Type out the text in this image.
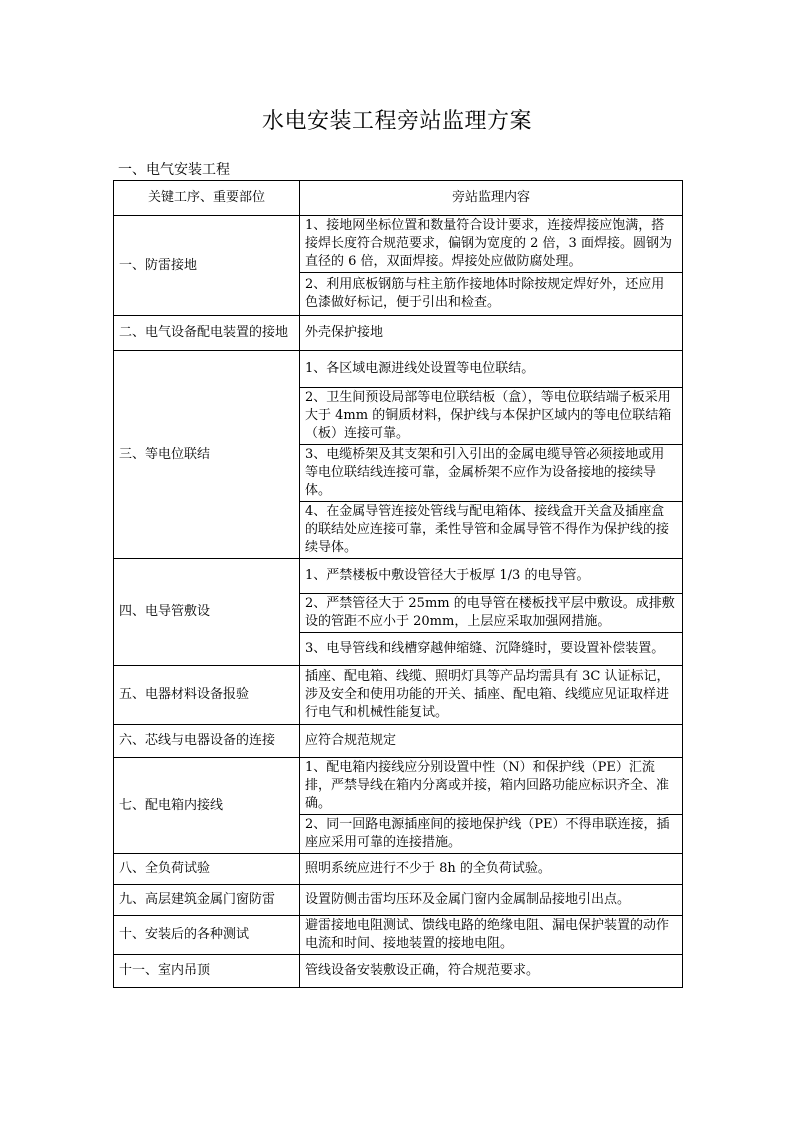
水电安装工程旁站监理方案
一、电气安装工程
关键工序、重要部位	旁站监理内容
一、防雷接地	1、接地网坐标位置和数量符合设计要求，连接焊接应饱满，搭接焊长度符合规范要求，偏钢为宽度的 2 倍，3 面焊接。圆钢为直径的 6 倍，双面焊接。焊接处应做防腐处理。
	2、利用底板钢筋与柱主筋作接地体时除按规定焊好外，还应用色漆做好标记，便于引出和检查。
二、电气设备配电装置的接地	外壳保护接地
三、等电位联结	1、各区域电源进线处设置等电位联结。
	2、卫生间预设局部等电位联结板（盒），等电位联结端子板采用大于 4mm 的铜质材料，保护线与本保护区域内的等电位联结箱（板）连接可靠。
	3、电缆桥架及其支架和引入引出的金属电缆导管必须接地或用等电位联结线连接可靠，金属桥架不应作为设备接地的接续导体。
	4、在金属导管连接处管线与配电箱体、接线盒开关盒及插座盒的联结处应连接可靠，柔性导管和金属导管不得作为保护线的接续导体。
四、电导管敷设	1、严禁楼板中敷设管径大于板厚 1/3 的电导管。
	2、严禁管径大于 25mm 的电导管在楼板找平层中敷设。成排敷设的管距不应小于 20mm，上层应采取加强网措施。
	3、电导管线和线槽穿越伸缩缝、沉降缝时，要设置补偿装置。
五、电器材料设备报验	插座、配电箱、线缆、照明灯具等产品均需具有 3C 认证标记，涉及安全和使用功能的开关、插座、配电箱、线缆应见证取样进行电气和机械性能复试。
六、芯线与电器设备的连接	应符合规范规定
七、配电箱内接线	1、配电箱内接线应分别设置中性（N）和保护线（PE）汇流排，严禁导线在箱内分离或并接，箱内回路功能应标识齐全、准确。
	2、同一回路电源插座间的接地保护线（PE）不得串联连接，插座应采用可靠的连接措施。
八、全负荷试验	照明系统应进行不少于 8h 的全负荷试验。
九、高层建筑金属门窗防雷	设置防侧击雷均压环及金属门窗内金属制品接地引出点。
十、安装后的各种测试	避雷接地电阻测试、馈线电路的绝缘电阻、漏电保护装置的动作电流和时间、接地装置的接地电阻。
十一、室内吊顶	管线设备安装敷设正确，符合规范要求。
